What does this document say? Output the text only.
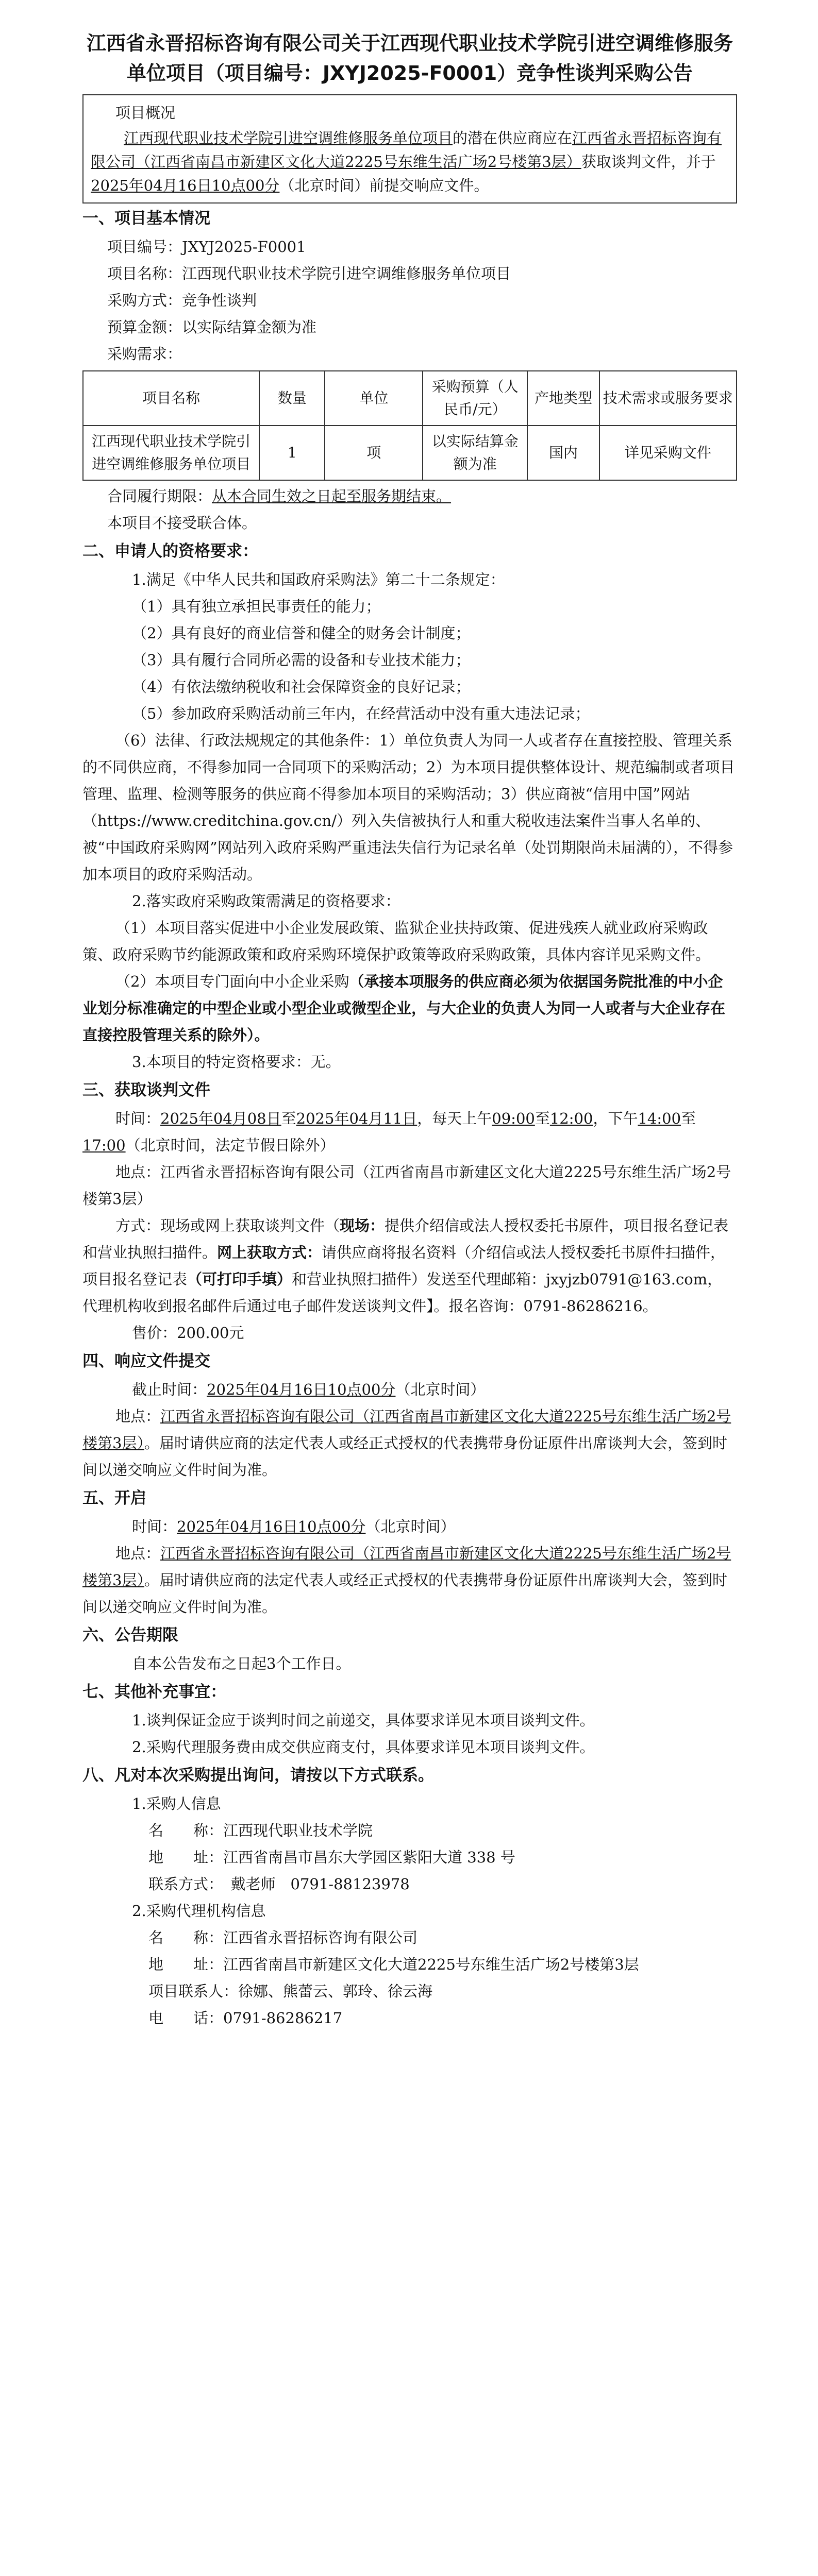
江西省永晋招标咨询有限公司关于江西现代职业技术学院引进空调维修服务单位项目（项目编号：JXYJ2025-F0001）竞争性谈判采购公告
项目概况
江西现代职业技术学院引进空调维修服务单位项目的潜在供应商应在江西省永晋招标咨询有限公司（江西省南昌市新建区文化大道2225号东维生活广场2号楼第3层）获取谈判文件，并于2025年04月16日10点00分（北京时间）前提交响应文件。
一、项目基本情况
项目编号：JXYJ2025-F0001
项目名称：江西现代职业技术学院引进空调维修服务单位项目
采购方式：竞争性谈判
预算金额：以实际结算金额为准
采购需求：
项目名称	数量	单位	采购预算（人民币/元）	产地类型	技术需求或服务要求
江西现代职业技术学院引进空调维修服务单位项目	1	项	以实际结算金额为准	国内	详见采购文件
合同履行期限：从本合同生效之日起至服务期结束。
本项目不接受联合体。
二、申请人的资格要求：
1.满足《中华人民共和国政府采购法》第二十二条规定：
（1）具有独立承担民事责任的能力；
（2）具有良好的商业信誉和健全的财务会计制度；
（3）具有履行合同所必需的设备和专业技术能力；
（4）有依法缴纳税收和社会保障资金的良好记录；
（5）参加政府采购活动前三年内，在经营活动中没有重大违法记录；
（6）法律、行政法规规定的其他条件：1）单位负责人为同一人或者存在直接控股、管理关系的不同供应商，不得参加同一合同项下的采购活动；2）为本项目提供整体设计、规范编制或者项目管理、监理、检测等服务的供应商不得参加本项目的采购活动；3）供应商被“信用中国”网站（https://www.creditchina.gov.cn/）列入失信被执行人和重大税收违法案件当事人名单的、被“中国政府采购网”网站列入政府采购严重违法失信行为记录名单（处罚期限尚未届满的），不得参加本项目的政府采购活动。
2.落实政府采购政策需满足的资格要求：
（1）本项目落实促进中小企业发展政策、监狱企业扶持政策、促进残疾人就业政府采购政策、政府采购节约能源政策和政府采购环境保护政策等政府采购政策，具体内容详见采购文件。
（2）本项目专门面向中小企业采购（承接本项服务的供应商必须为依据国务院批准的中小企业划分标准确定的中型企业或小型企业或微型企业，与大企业的负责人为同一人或者与大企业存在直接控股管理关系的除外）。
3.本项目的特定资格要求：无。
三、获取谈判文件
时间：2025年04月08日至2025年04月11日，每天上午09:00至12:00，下午14:00至17:00（北京时间，法定节假日除外）
地点：江西省永晋招标咨询有限公司（江西省南昌市新建区文化大道2225号东维生活广场2号楼第3层）
方式：现场或网上获取谈判文件（现场：提供介绍信或法人授权委托书原件，项目报名登记表和营业执照扫描件。网上获取方式：请供应商将报名资料（介绍信或法人授权委托书原件扫描件，项目报名登记表（可打印手填）和营业执照扫描件）发送至代理邮箱：jxyjzb0791@163.com，代理机构收到报名邮件后通过电子邮件发送谈判文件】。报名咨询：0791-86286216。
售价：200.00元
四、响应文件提交
截止时间：2025年04月16日10点00分（北京时间）
地点：江西省永晋招标咨询有限公司（江西省南昌市新建区文化大道2225号东维生活广场2号楼第3层）。届时请供应商的法定代表人或经正式授权的代表携带身份证原件出席谈判大会，签到时间以递交响应文件时间为准。
五、开启
时间：2025年04月16日10点00分（北京时间）
地点：江西省永晋招标咨询有限公司（江西省南昌市新建区文化大道2225号东维生活广场2号楼第3层）。届时请供应商的法定代表人或经正式授权的代表携带身份证原件出席谈判大会，签到时间以递交响应文件时间为准。
六、公告期限
自本公告发布之日起3个工作日。
七、其他补充事宜：
1.谈判保证金应于谈判时间之前递交，具体要求详见本项目谈判文件。
2.采购代理服务费由成交供应商支付，具体要求详见本项目谈判文件。
八、凡对本次采购提出询问，请按以下方式联系。
1.采购人信息
名　　称：江西现代职业技术学院
地　　址：江西省南昌市昌东大学园区紫阳大道 338 号
联系方式：　戴老师　0791-88123978
2.采购代理机构信息
名　　称：江西省永晋招标咨询有限公司
地　　址：江西省南昌市新建区文化大道2225号东维生活广场2号楼第3层
项目联系人：徐娜、熊蕾云、郭玲、徐云海
电　　话：0791-86286217
